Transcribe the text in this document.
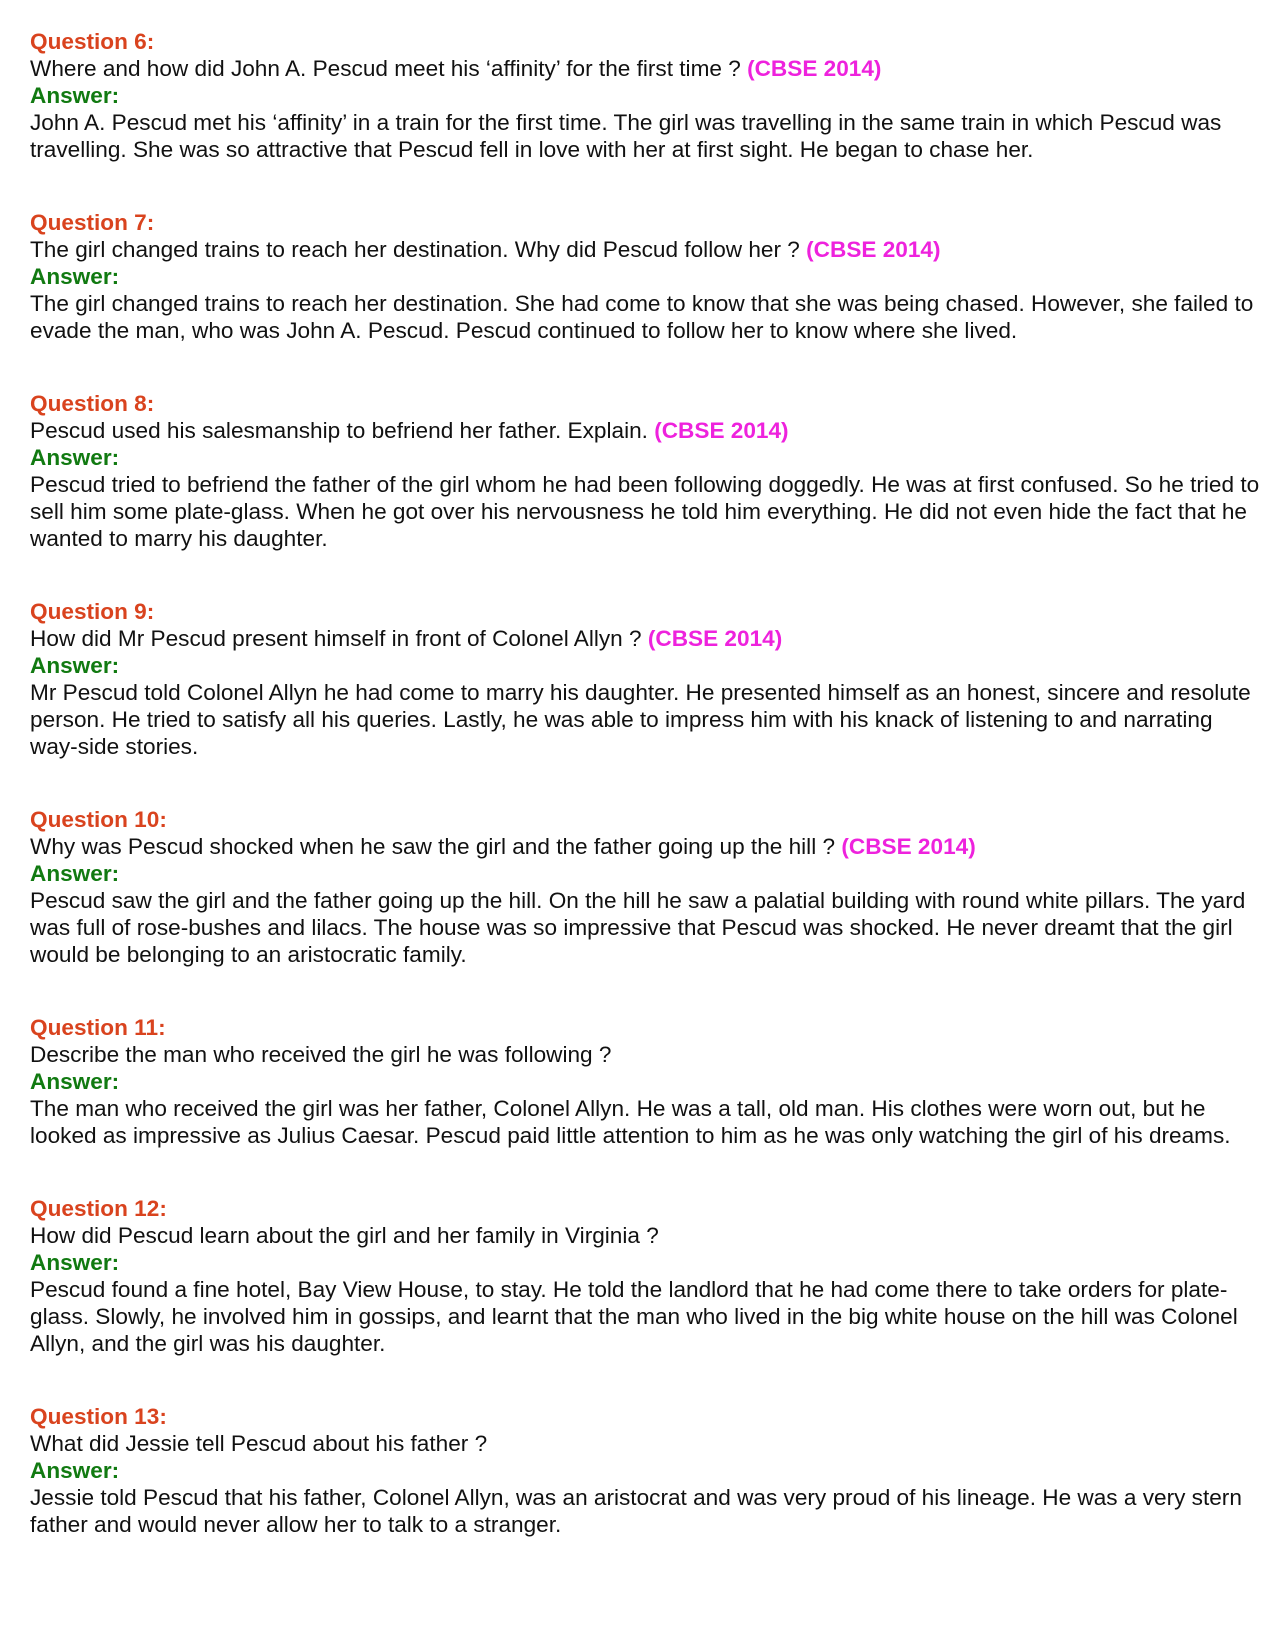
Question 6:

Where and how did John A. Pescud meet his ‘affinity’ for the first time ? (CBSE 2014)

Answer:

John A. Pescud met his ‘affinity’ in a train for the first time. The girl was travelling in the same train in which Pescud was travelling. She was so attractive that Pescud fell in love with her at first sight. He began to chase her.

Question 7:

The girl changed trains to reach her destination. Why did Pescud follow her ? (CBSE 2014)

Answer:

The girl changed trains to reach her destination. She had come to know that she was being chased. However, she failed to evade the man, who was John A. Pescud. Pescud continued to follow her to know where she lived.

Question 8:

Pescud used his salesmanship to befriend her father. Explain. (CBSE 2014)

Answer:

Pescud tried to befriend the father of the girl whom he had been following doggedly. He was at first confused. So he tried to sell him some plate-glass. When he got over his nervousness he told him everything. He did not even hide the fact that he wanted to marry his daughter.

Question 9:

How did Mr Pescud present himself in front of Colonel Allyn ? (CBSE 2014)

Answer:

Mr Pescud told Colonel Allyn he had come to marry his daughter. He presented himself as an honest, sincere and resolute person. He tried to satisfy all his queries. Lastly, he was able to impress him with his knack of listening to and narrating way-side stories.

Question 10:

Why was Pescud shocked when he saw the girl and the father going up the hill ? (CBSE 2014)

Answer:

Pescud saw the girl and the father going up the hill. On the hill he saw a palatial building with round white pillars. The yard was full of rose-bushes and lilacs. The house was so impressive that Pescud was shocked. He never dreamt that the girl would be belonging to an aristocratic family.

Question 11:

Describe the man who received the girl he was following ?

Answer:

The man who received the girl was her father, Colonel Allyn. He was a tall, old man. His clothes were worn out, but he looked as impressive as Julius Caesar. Pescud paid little attention to him as he was only watching the girl of his dreams.

Question 12:

How did Pescud learn about the girl and her family in Virginia ?

Answer:

Pescud found a fine hotel, Bay View House, to stay. He told the landlord that he had come there to take orders for plate-glass. Slowly, he involved him in gossips, and learnt that the man who lived in the big white house on the hill was Colonel Allyn, and the girl was his daughter.

Question 13:

What did Jessie tell Pescud about his father ?

Answer:

Jessie told Pescud that his father, Colonel Allyn, was an aristocrat and was very proud of his lineage. He was a very stern father and would never allow her to talk to a stranger.
